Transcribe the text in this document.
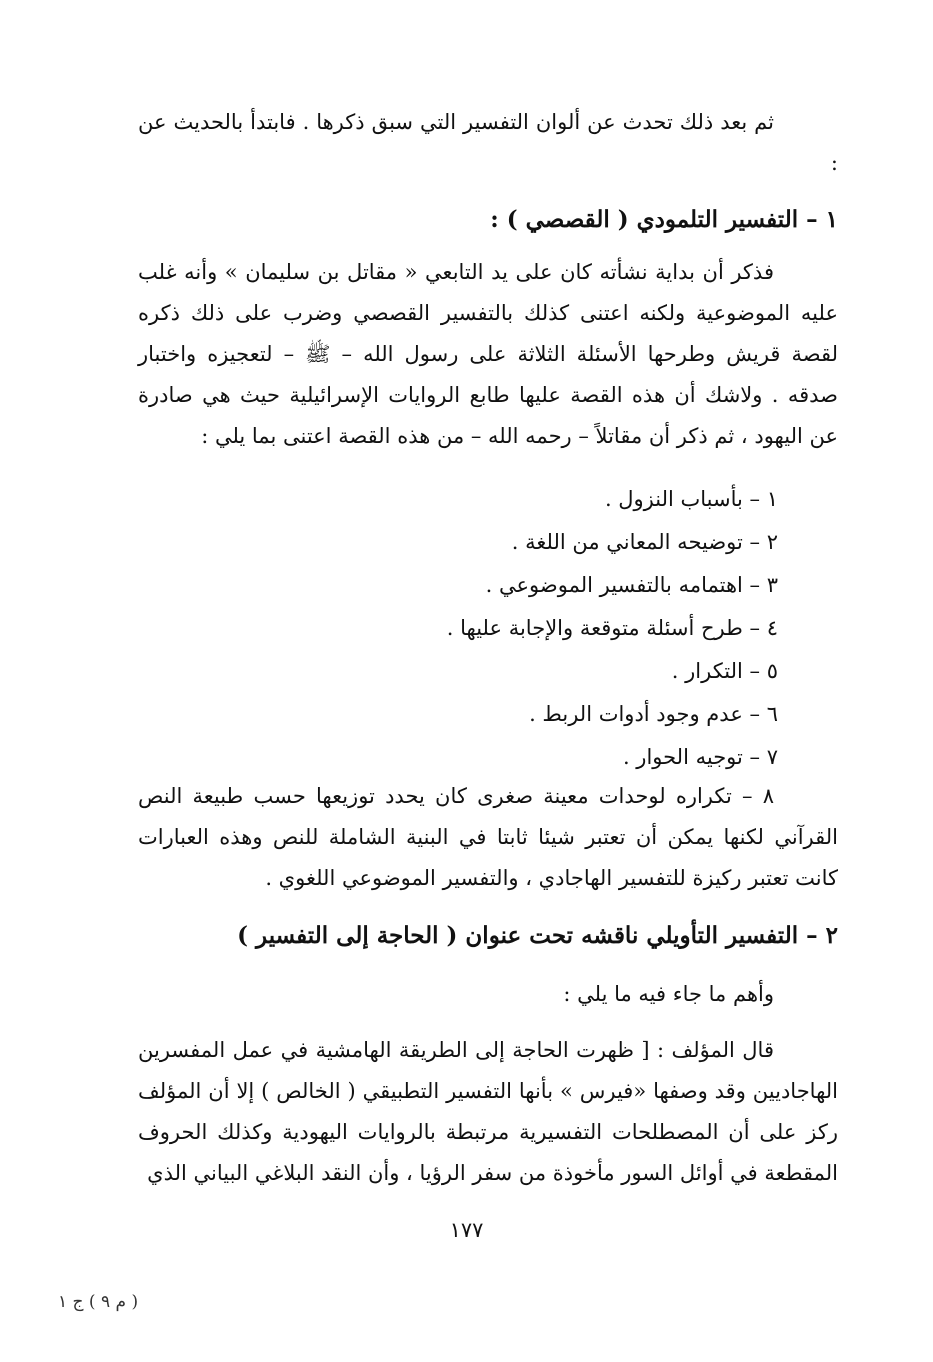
ثم بعد ذلك تحدث عن ألوان التفسير التي سبق ذكرها . فابتدأ بالحديث عن :

١ – التفسير التلمودي ( القصصي ) :

فذكر أن بداية نشأته كان على يد التابعي « مقاتل بن سليمان » وأنه غلب عليه الموضوعية ولكنه اعتنى كذلك بالتفسير القصصي وضرب على ذلك ذكره لقصة قريش وطرحها الأسئلة الثلاثة على رسول الله – ﷺ – لتعجيزه واختبار صدقه . ولاشك أن هذه القصة عليها طابع الروايات الإسرائيلية حيث هي صادرة عن اليهود ، ثم ذكر أن مقاتلاً – رحمه الله – من هذه القصة اعتنى بما يلي :

١ – بأسباب النزول .
٢ – توضيحه المعاني من اللغة .
٣ – اهتمامه بالتفسير الموضوعي .
٤ – طرح أسئلة متوقعة والإجابة عليها .
٥ – التكرار .
٦ – عدم وجود أدوات الربط .
٧ – توجيه الحوار .

٨ – تكراره لوحدات معينة صغرى كان يحدد توزيعها حسب طبيعة النص القرآني لكنها يمكن أن تعتبر شيئا ثابتا في البنية الشاملة للنص وهذه العبارات كانت تعتبر ركيزة للتفسير الهاجادي ، والتفسير الموضوعي اللغوي .

٢ – التفسير التأويلي ناقشه تحت عنوان ( الحاجة إلى التفسير )

وأهم ما جاء فيه ما يلي :

قال المؤلف : [ ظهرت الحاجة إلى الطريقة الهامشية في عمل المفسرين الهاجاديين وقد وصفها «فيرس » بأنها التفسير التطبيقي ( الخالص ) إلا أن المؤلف ركز على أن المصطلحات التفسيرية مرتبطة بالروايات اليهودية وكذلك الحروف المقطعة في أوائل السور مأخوذة من سفر الرؤيا ، وأن النقد البلاغي البياني الذي

١٧٧
( م ٩ ) ج ١
